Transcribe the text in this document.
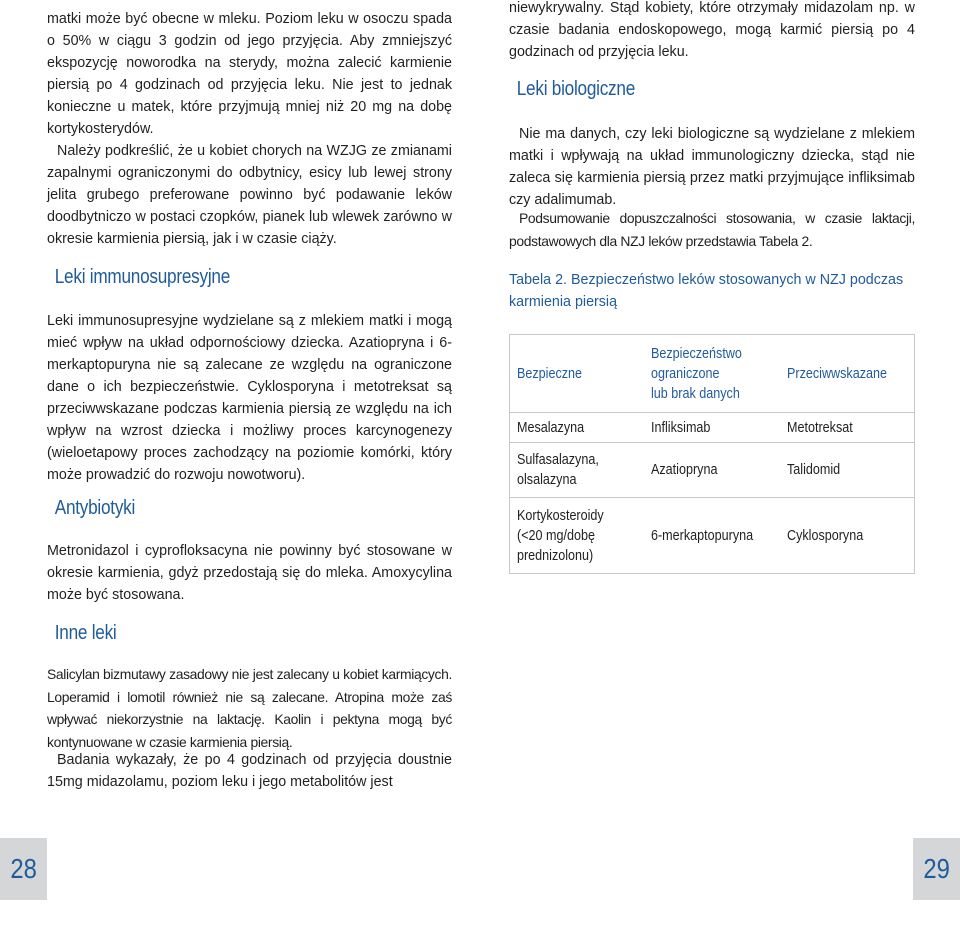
matki może być obecne w mleku. Poziom leku w osoczu spada o 50% w ciągu 3 godzin od jego przyjęcia. Aby zmniejszyć ekspozycję noworodka na sterydy, można zalecić karmienie piersią po 4 godzinach od przyjęcia leku. Nie jest to jednak konieczne u matek, które przyjmują mniej niż 20 mg na dobę kortykosterydów.

Należy podkreślić, że u kobiet chorych na WZJG ze zmianami zapalnymi ograniczonymi do odbytnicy, esicy lub lewej strony jelita grubego preferowane powinno być podawanie leków doodbytniczo w postaci czopków, pianek lub wlewek zarówno w okresie karmienia piersią, jak i w czasie ciąży.

Leki immunosupresyjne

Leki immunosupresyjne wydzielane są z mlekiem matki i mogą mieć wpływ na układ odpornościowy dziecka. Azatiopryna i 6-merkaptopuryna nie są zalecane ze względu na ograniczone dane o ich bezpieczeństwie. Cyklosporyna i metotreksat są przeciwwskazane podczas karmienia piersią ze względu na ich wpływ na wzrost dziecka i możliwy proces karcynogenezy (wieloetapowy proces zachodzący na poziomie komórki, który może prowadzić do rozwoju nowotworu).

Antybiotyki

Metronidazol i cyprofloksacyna nie powinny być stosowane w okresie karmienia, gdyż przedostają się do mleka. Amoxycylina może być stosowana.

Inne leki

Salicylan bizmutawy zasadowy nie jest zalecany u kobiet karmiących. Loperamid i lomotil również nie są zalecane. Atropina może zaś wpływać niekorzystnie na laktację. Kaolin i pektyna mogą być kontynuowane w czasie karmienia piersią.

Badania wykazały, że po 4 godzinach od przyjęcia doustnie 15mg midazolamu, poziom leku i jego metabolitów jest

niewykrywalny. Stąd kobiety, które otrzymały midazolam np. w czasie badania endoskopowego, mogą karmić piersią po 4 godzinach od przyjęcia leku.

Leki biologiczne

Nie ma danych, czy leki biologiczne są wydzielane z mlekiem matki i wpływają na układ immunologiczny dziecka, stąd nie zaleca się karmienia piersią przez matki przyjmujące infliksimab czy adalimumab.

Podsumowanie dopuszczalności stosowania, w czasie laktacji, podstawowych dla NZJ leków przedstawia Tabela 2.

Tabela 2. Bezpieczeństwo leków stosowanych w NZJ podczas karmienia piersią

Bezpieczne	Bezpieczeństwo
ograniczone
lub brak danych	Przeciwwskazane
Mesalazyna	Infliksimab	Metotreksat
Sulfasalazyna,
olsalazyna	Azatiopryna	Talidomid
Kortykosteroidy
(<20 mg/dobę
prednizolonu)	6-merkaptopuryna	Cyklosporyna
28	29
